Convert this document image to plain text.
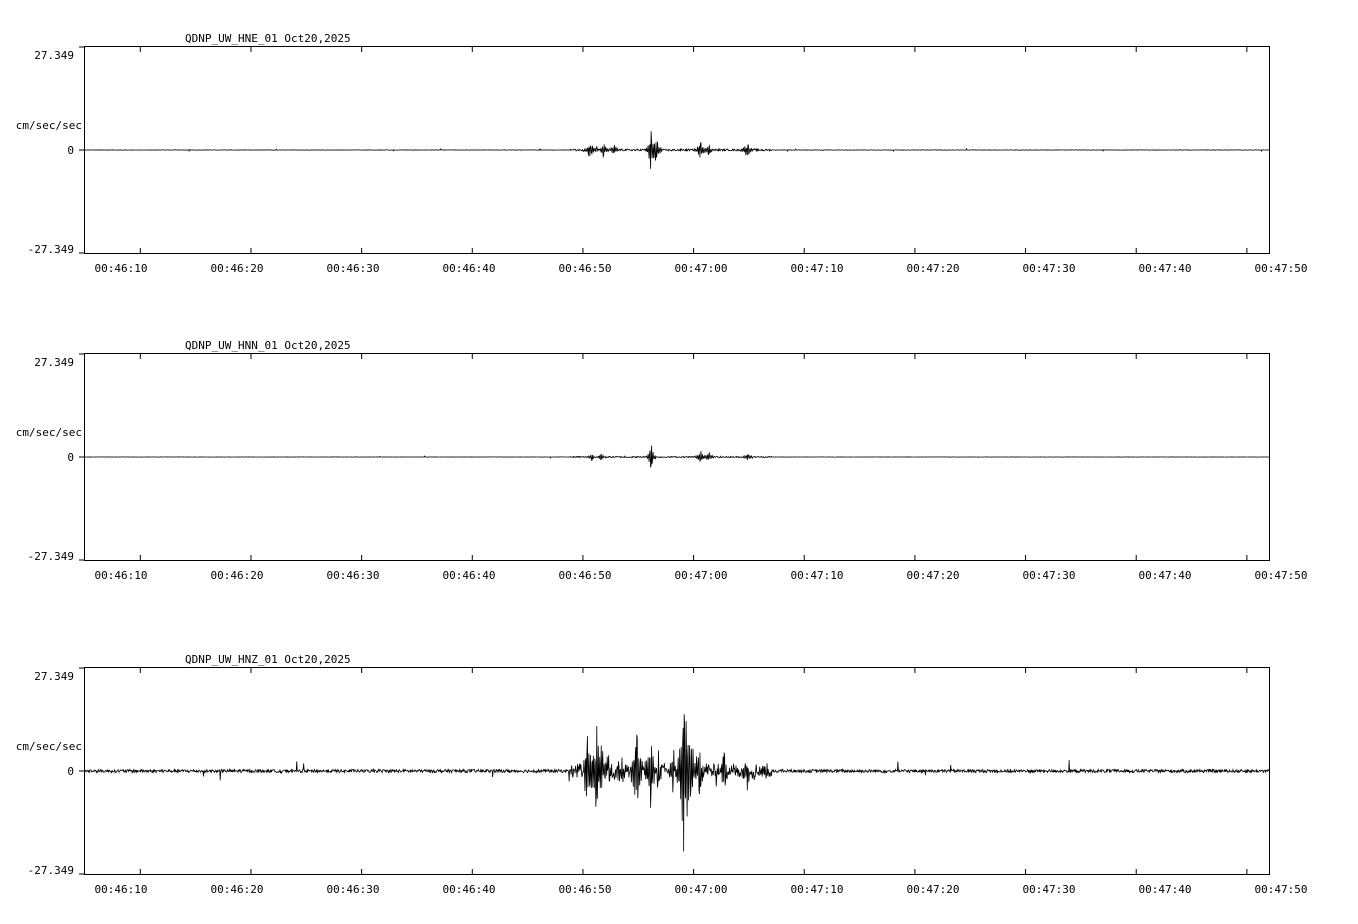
QDNP_UW_HNE_01 Oct20,2025
27.349
cm/sec/sec
0
-27.349
00:46:10	00:46:20	00:46:30	00:46:40	00:46:50	00:47:00	00:47:10	00:47:20	00:47:30	00:47:40	00:47:50
QDNP_UW_HNN_01 Oct20,2025
27.349
cm/sec/sec
0
-27.349
00:46:10	00:46:20	00:46:30	00:46:40	00:46:50	00:47:00	00:47:10	00:47:20	00:47:30	00:47:40	00:47:50
QDNP_UW_HNZ_01 Oct20,2025
27.349
cm/sec/sec
0
-27.349
00:46:10	00:46:20	00:46:30	00:46:40	00:46:50	00:47:00	00:47:10	00:47:20	00:47:30	00:47:40	00:47:50
